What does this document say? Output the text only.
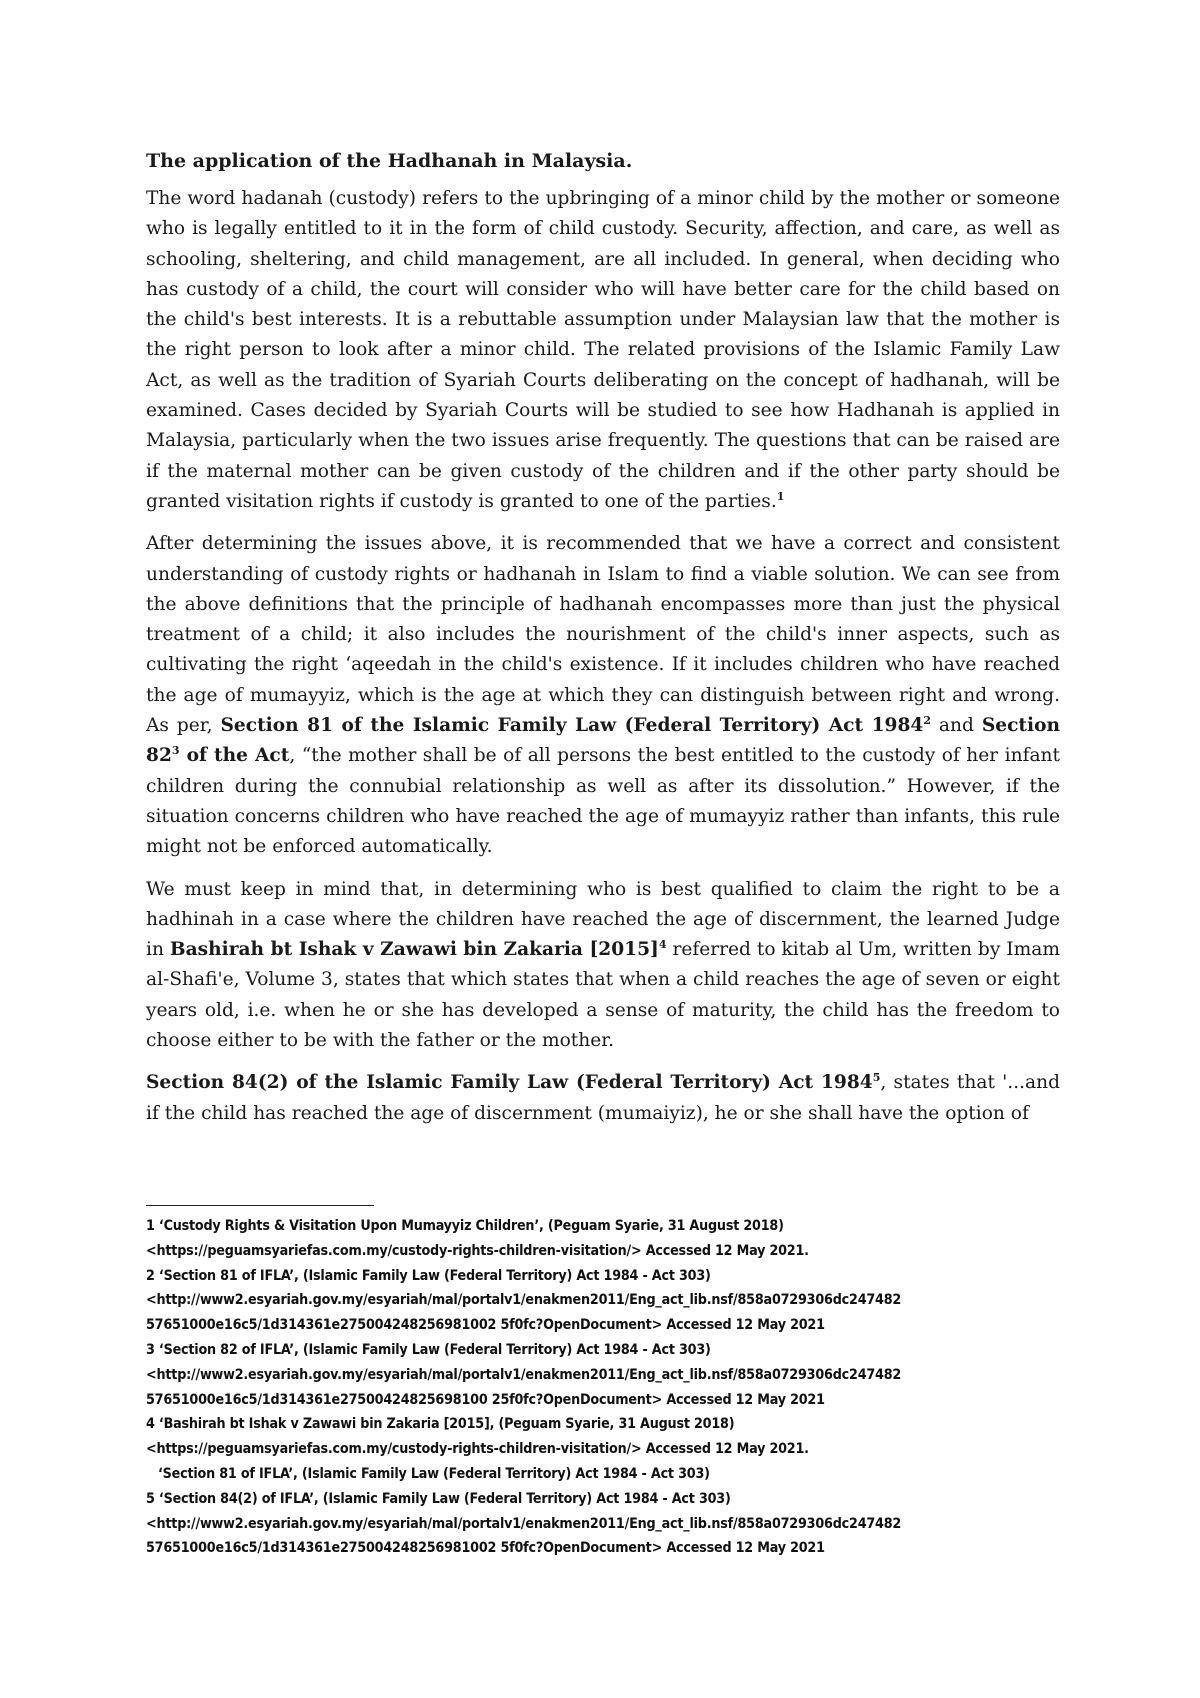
The application of the Hadhanah in Malaysia.

The word hadanah (custody) refers to the upbringing of a minor child by the mother or someone who is legally entitled to it in the form of child custody. Security, affection, and care, as well as schooling, sheltering, and child management, are all included. In general, when deciding who has custody of a child, the court will consider who will have better care for the child based on the child's best interests. It is a rebuttable assumption under Malaysian law that the mother is the right person to look after a minor child. The related provisions of the Islamic Family Law Act, as well as the tradition of Syariah Courts deliberating on the concept of hadhanah, will be examined. Cases decided by Syariah Courts will be studied to see how Hadhanah is applied in Malaysia, particularly when the two issues arise frequently. The questions that can be raised are if the maternal mother can be given custody of the children and if the other party should be granted visitation rights if custody is granted to one of the parties.$^1$

After determining the issues above, it is recommended that we have a correct and consistent understanding of custody rights or hadhanah in Islam to find a viable solution. We can see from the above definitions that the principle of hadhanah encompasses more than just the physical treatment of a child; it also includes the nourishment of the child's inner aspects, such as cultivating the right ‘aqeedah in the child's existence. If it includes children who have reached the age of mumayyiz, which is the age at which they can distinguish between right and wrong. As per, Section 81 of the Islamic Family Law (Federal Territory) Act 1984$^2$ and Section $82^3$ of the Act, “the mother shall be of all persons the best entitled to the custody of her infant children during the connubial relationship as well as after its dissolution.” However, if the situation concerns children who have reached the age of mumayyiz rather than infants, this rule might not be enforced automatically.

We must keep in mind that, in determining who is best qualified to claim the right to be a hadhinah in a case where the children have reached the age of discernment, the learned Judge in Bashirah bt Ishak v Zawawi bin Zakaria $[2015]^4$ referred to kitab al Um, written by Imam al-Shafi'e, Volume 3, states that which states that when a child reaches the age of seven or eight years old, i.e. when he or she has developed a sense of maturity, the child has the freedom to choose either to be with the father or the mother.

Section 84(2) of the Islamic Family Law (Federal Territory) Act 1984$^5$, states that '...and if the child has reached the age of discernment (mumaiyiz), he or she shall have the option of

1 ‘Custody Rights & Visitation Upon Mumayyiz Children’, (Peguam Syarie, 31 August 2018)
<https://peguamsyariefas.com.my/custody-rights-children-visitation/> Accessed 12 May 2021.
2 ‘Section 81 of IFLA’, (Islamic Family Law (Federal Territory) Act 1984 - Act 303)
<http://www2.esyariah.gov.my/esyariah/mal/portalv1/enakmen2011/Eng_act_lib.nsf/858a0729306dc247482
57651000e16c5/1d314361e275004248256981002 5f0fc?OpenDocument> Accessed 12 May 2021
3 ‘Section 82 of IFLA’, (Islamic Family Law (Federal Territory) Act 1984 - Act 303)
<http://www2.esyariah.gov.my/esyariah/mal/portalv1/enakmen2011/Eng_act_lib.nsf/858a0729306dc247482
57651000e16c5/1d314361e27500424825698100 25f0fc?OpenDocument> Accessed 12 May 2021
4 ‘Bashirah bt Ishak v Zawawi bin Zakaria [2015], (Peguam Syarie, 31 August 2018)
<https://peguamsyariefas.com.my/custody-rights-children-visitation/> Accessed 12 May 2021.
‘Section 81 of IFLA’, (Islamic Family Law (Federal Territory) Act 1984 - Act 303)
5 ‘Section 84(2) of IFLA’, (Islamic Family Law (Federal Territory) Act 1984 - Act 303)
<http://www2.esyariah.gov.my/esyariah/mal/portalv1/enakmen2011/Eng_act_lib.nsf/858a0729306dc247482
57651000e16c5/1d314361e275004248256981002 5f0fc?OpenDocument> Accessed 12 May 2021
